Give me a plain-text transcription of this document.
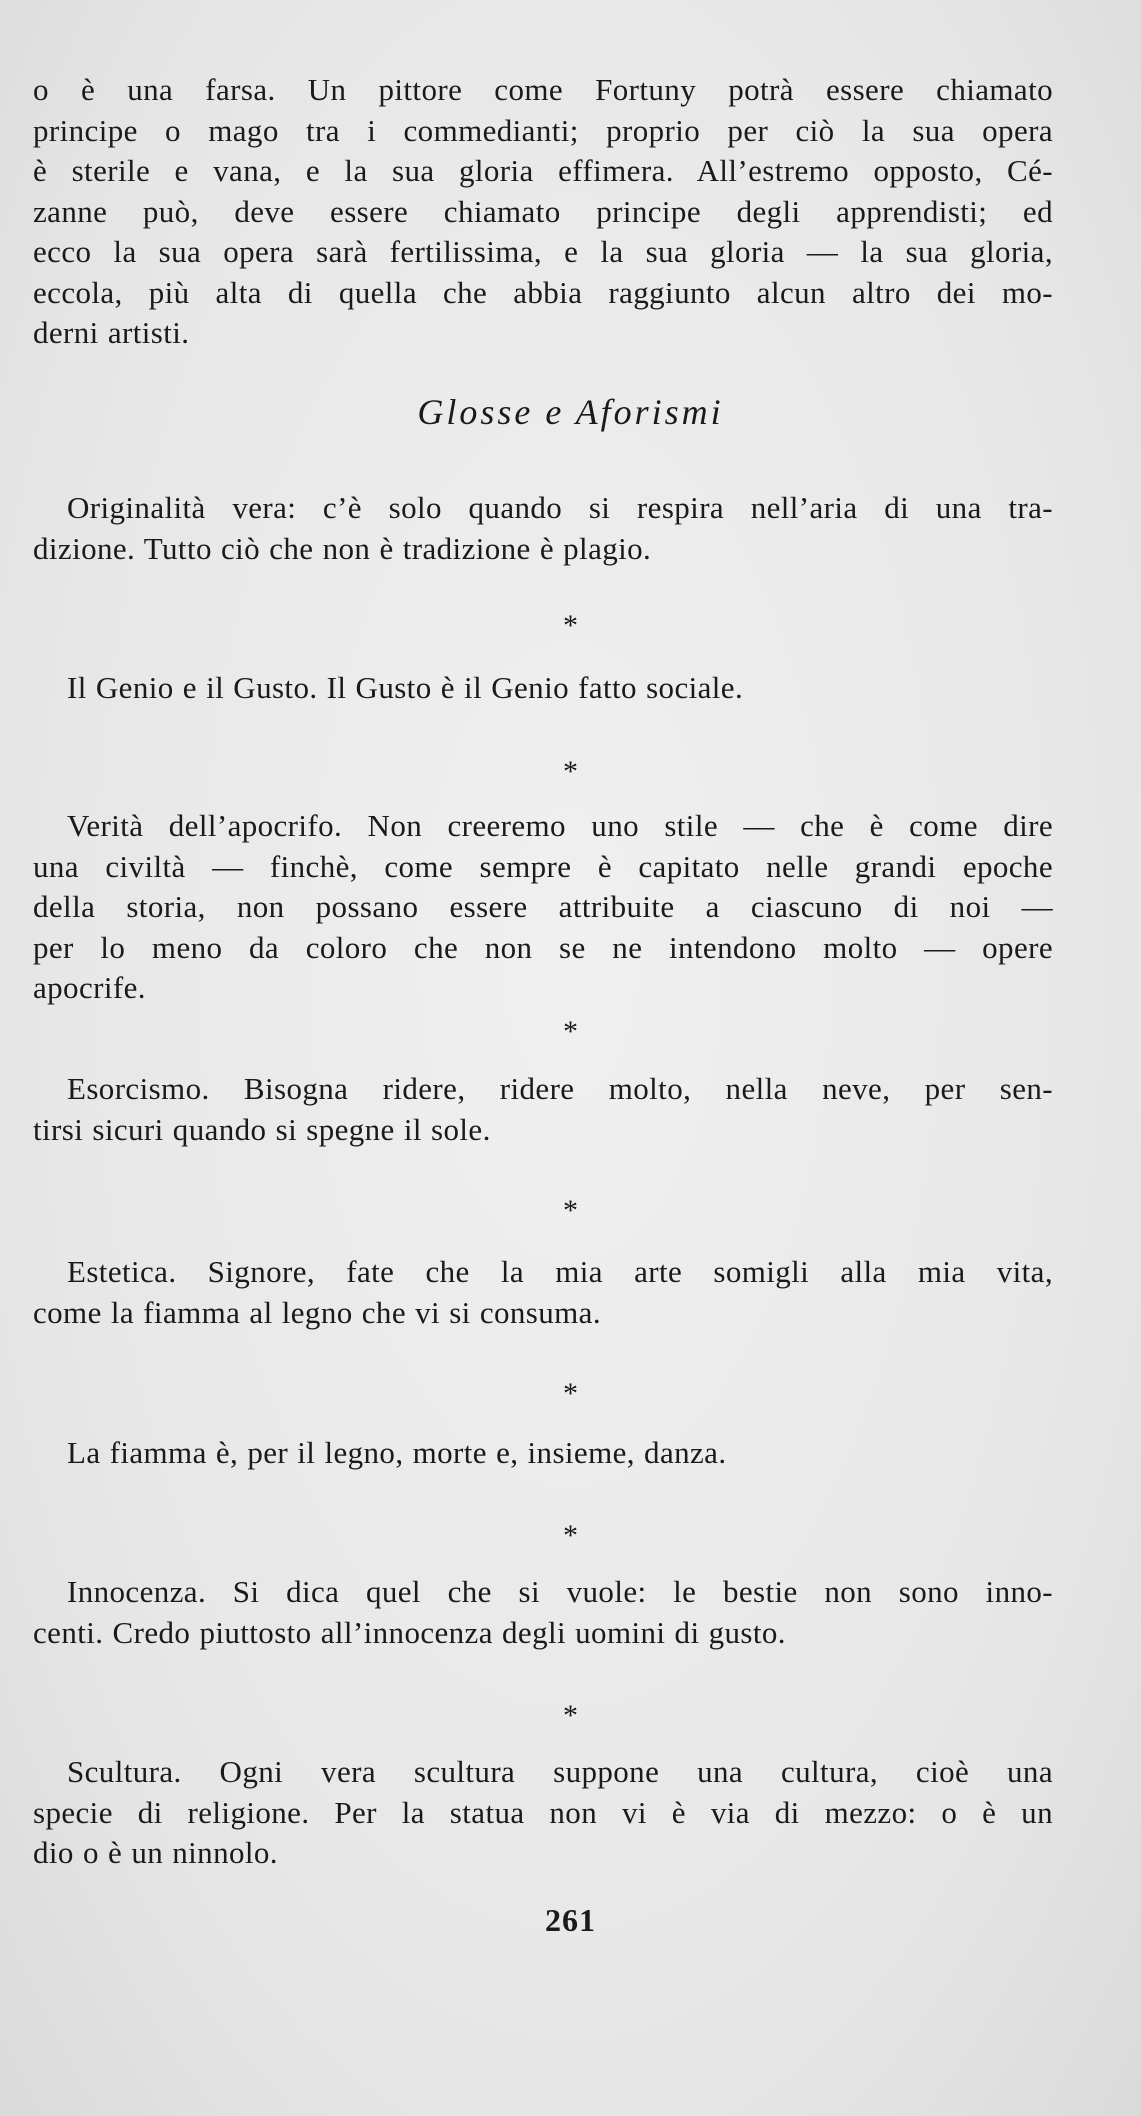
o è una farsa. Un pittore come Fortuny potrà essere chiamato
principe o mago tra i commedianti; proprio per ciò la sua opera
è sterile e vana, e la sua gloria effimera. All’estremo opposto, Cé-
zanne può, deve essere chiamato principe degli apprendisti; ed
ecco la sua opera sarà fertilissima, e la sua gloria — la sua gloria,
eccola, più alta di quella che abbia raggiunto alcun altro dei mo-
derni artisti.

Glosse e Aforismi

Originalità vera: c’è solo quando si respira nell’aria di una tra-
dizione. Tutto ciò che non è tradizione è plagio.

*

Il Genio e il Gusto. Il Gusto è il Genio fatto sociale.

*

Verità dell’apocrifo. Non creeremo uno stile — che è come dire
una civiltà — finchè, come sempre è capitato nelle grandi epoche
della storia, non possano essere attribuite a ciascuno di noi —
per lo meno da coloro che non se ne intendono molto — opere
apocrife.

*

Esorcismo. Bisogna ridere, ridere molto, nella neve, per sen-
tirsi sicuri quando si spegne il sole.

*

Estetica. Signore, fate che la mia arte somigli alla mia vita,
come la fiamma al legno che vi si consuma.

*

La fiamma è, per il legno, morte e, insieme, danza.

*

Innocenza. Si dica quel che si vuole: le bestie non sono inno-
centi. Credo piuttosto all’innocenza degli uomini di gusto.

*

Scultura. Ogni vera scultura suppone una cultura, cioè una
specie di religione. Per la statua non vi è via di mezzo: o è un
dio o è un ninnolo.

261
